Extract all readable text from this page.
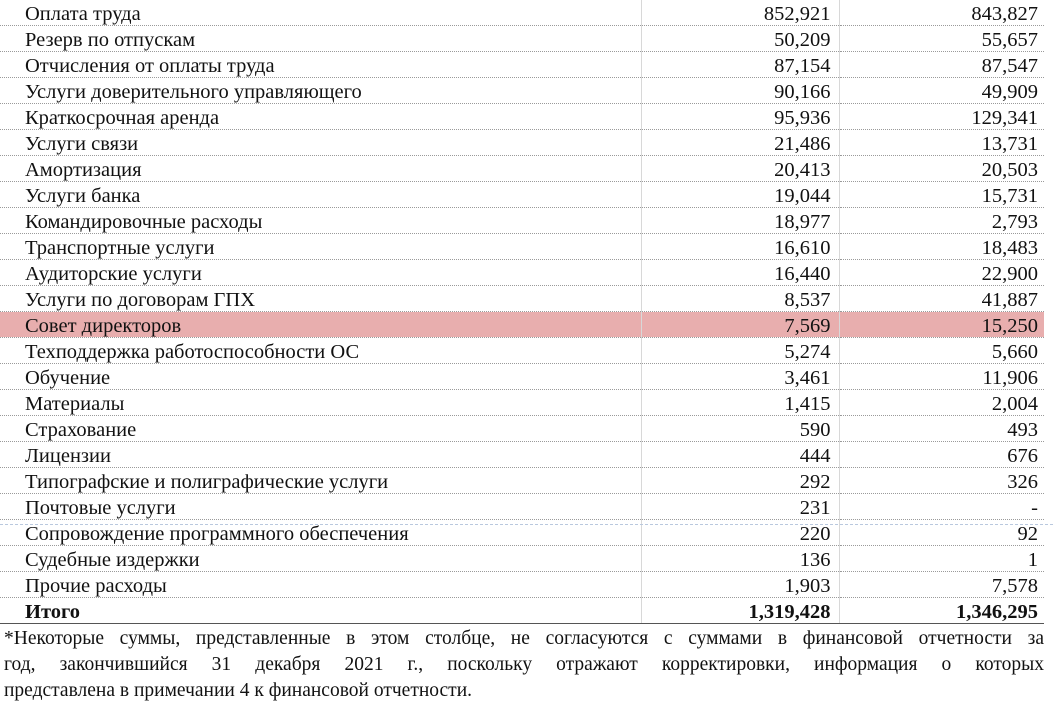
Оплата труда	852,921	843,827
Резерв по отпускам	50,209	55,657
Отчисления от оплаты труда	87,154	87,547
Услуги доверительного управляющего	90,166	49,909
Краткосрочная аренда	95,936	129,341
Услуги связи	21,486	13,731
Амортизация	20,413	20,503
Услуги банка	19,044	15,731
Командировочные расходы	18,977	2,793
Транспортные услуги	16,610	18,483
Аудиторские услуги	16,440	22,900
Услуги по договорам ГПХ	8,537	41,887
Совет директоров	7,569	15,250
Техподдержка работоспособности ОС	5,274	5,660
Обучение	3,461	11,906
Материалы	1,415	2,004
Страхование	590	493
Лицензии	444	676
Типографские и полиграфические услуги	292	326
Почтовые услуги	231	-
Сопровождение программного обеспечения	220	92
Судебные издержки	136	1
Прочие расходы	1,903	7,578
Итого	1,319,428	1,346,295
*Некоторые суммы, представленные в этом столбце, не согласуются с суммами в финансовой отчетности за
год, закончившийся 31 декабря 2021 г., поскольку отражают корректировки, информация о которых
представлена в примечании 4 к финансовой отчетности.
